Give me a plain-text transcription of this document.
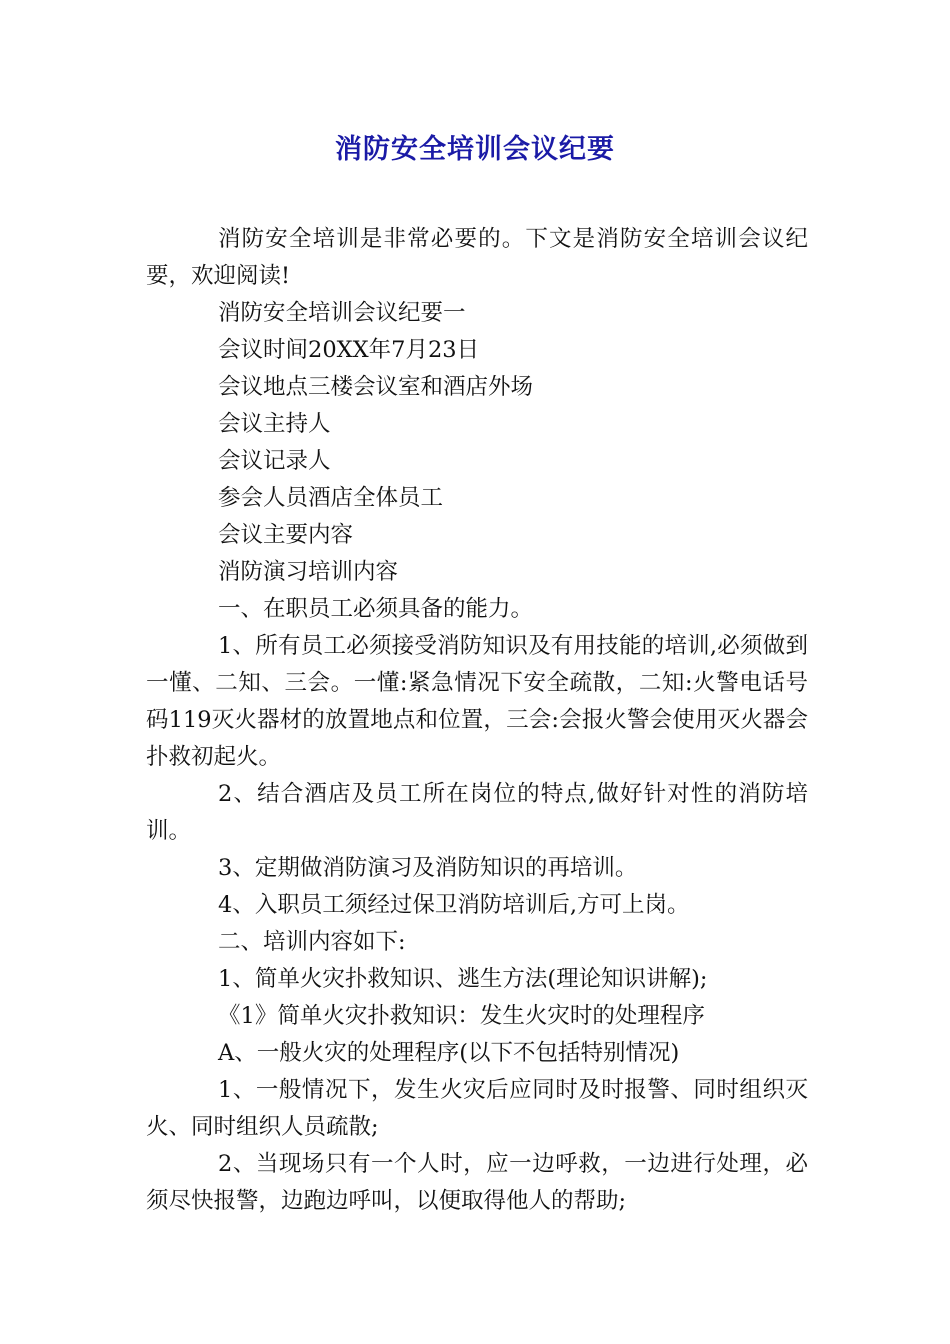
消防安全培训会议纪要

消防安全培训是非常必要的。下文是消防安全培训会议纪要，欢迎阅读!

消防安全培训会议纪要一

会议时间20XX年7月23日

会议地点三楼会议室和酒店外场

会议主持人

会议记录人

参会人员酒店全体员工

会议主要内容

消防演习培训内容

一、在职员工必须具备的能力。

1、所有员工必须接受消防知识及有用技能的培训,必须做到一懂、二知、三会。一懂:紧急情况下安全疏散，二知:火警电话号码119灭火器材的放置地点和位置，三会:会报火警会使用灭火器会扑救初起火。

2、结合酒店及员工所在岗位的特点,做好针对性的消防培训。

3、定期做消防演习及消防知识的再培训。

4、入职员工须经过保卫消防培训后,方可上岗。

二、培训内容如下:

1、简单火灾扑救知识、逃生方法(理论知识讲解);

《1》简单火灾扑救知识：发生火灾时的处理程序

A、一般火灾的处理程序(以下不包括特别情况)

1、一般情况下，发生火灾后应同时及时报警、同时组织灭火、同时组织人员疏散;

2、当现场只有一个人时，应一边呼救，一边进行处理，必须尽快报警，边跑边呼叫，以便取得他人的帮助;
